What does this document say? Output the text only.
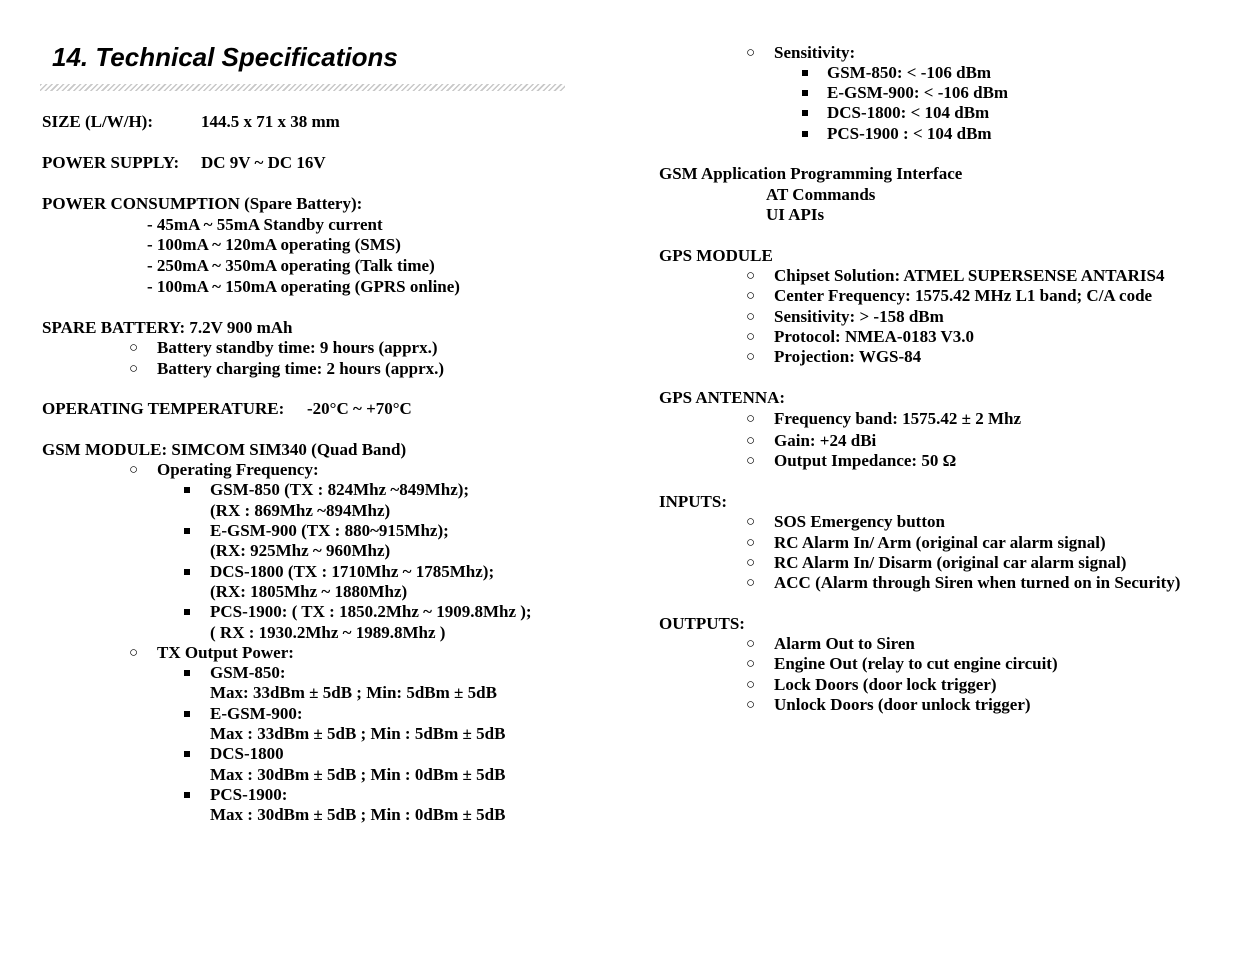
14. Technical Specifications
SIZE (L/W/H):	144.5 x 71 x 38 mm
POWER SUPPLY: DC 9V ~ DC 16V
POWER CONSUMPTION (Spare Battery):
- 45mA ~ 55mA Standby current
- 100mA ~ 120mA operating (SMS)
- 250mA ~ 350mA operating (Talk time)
- 100mA ~ 150mA operating (GPRS online)
SPARE BATTERY: 7.2V 900 mAh
○ Battery standby time: 9 hours (apprx.)
○ Battery charging time: 2 hours (apprx.)
OPERATING TEMPERATURE: -20°C ~ +70°C
GSM MODULE: SIMCOM SIM340 (Quad Band)
○ Operating Frequency:
GSM-850 (TX : 824Mhz ~849Mhz);
(RX : 869Mhz ~894Mhz)
E-GSM-900 (TX : 880~915Mhz);
(RX: 925Mhz ~ 960Mhz)
DCS-1800 (TX : 1710Mhz ~ 1785Mhz);
(RX: 1805Mhz ~ 1880Mhz)
PCS-1900: ( TX : 1850.2Mhz ~ 1909.8Mhz );
( RX : 1930.2Mhz ~ 1989.8Mhz )
○ TX Output Power:
GSM-850:
Max: 33dBm ± 5dB ; Min: 5dBm ± 5dB
E-GSM-900:
Max : 33dBm ± 5dB ; Min : 5dBm ± 5dB
DCS-1800
Max : 30dBm ± 5dB ; Min : 0dBm ± 5dB
PCS-1900:
Max : 30dBm ± 5dB ; Min : 0dBm ± 5dB
○ Sensitivity:
GSM-850: < -106 dBm
E-GSM-900: < -106 dBm
DCS-1800: < 104 dBm
PCS-1900 : < 104 dBm
GSM Application Programming Interface
AT Commands
UI APIs
GPS MODULE
○ Chipset Solution: ATMEL SUPERSENSE ANTARIS4
○ Center Frequency: 1575.42 MHz L1 band; C/A code
○ Sensitivity: > -158 dBm
○ Protocol: NMEA-0183 V3.0
○ Projection: WGS-84
GPS ANTENNA:
○ Frequency band: 1575.42 ± 2 Mhz
○ Gain: +24 dBi
○ Output Impedance: 50 Ω
INPUTS:
○ SOS Emergency button
○ RC Alarm In/ Arm (original car alarm signal)
○ RC Alarm In/ Disarm (original car alarm signal)
○ ACC (Alarm through Siren when turned on in Security)
OUTPUTS:
○ Alarm Out to Siren
○ Engine Out (relay to cut engine circuit)
○ Lock Doors (door lock trigger)
○ Unlock Doors (door unlock trigger)
